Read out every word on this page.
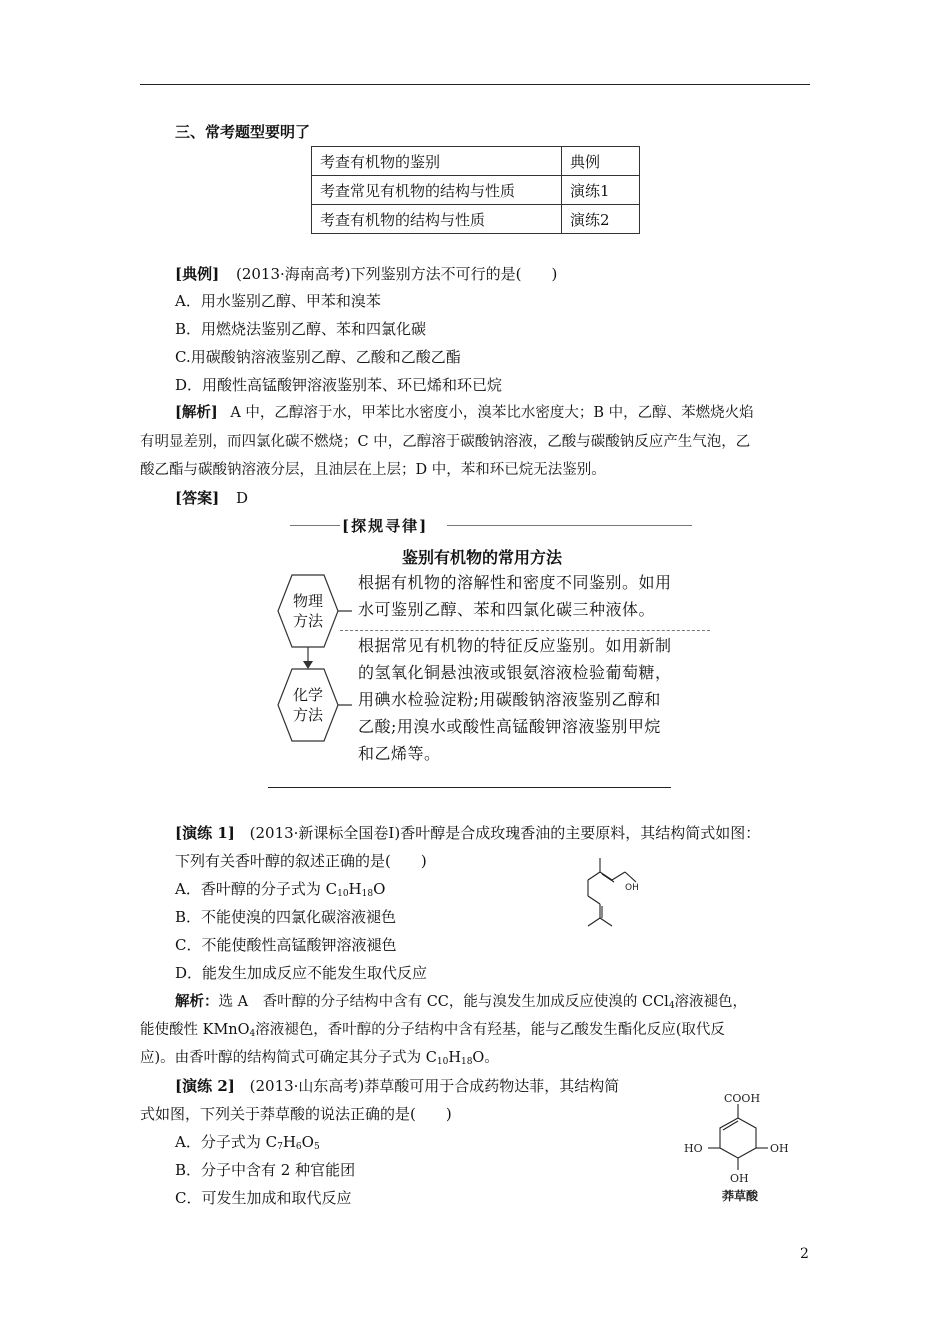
三、常考题型要明了
考查有机物的鉴别	典例
考查常见有机物的结构与性质	演练1
考查有机物的结构与性质	演练2
[典例] (2013·海南高考)下列鉴别方法不可行的是(　　)
A．用水鉴别乙醇、甲苯和溴苯
B．用燃烧法鉴别乙醇、苯和四氯化碳
C.用碳酸钠溶液鉴别乙醇、乙酸和乙酸乙酯
D．用酸性高锰酸钾溶液鉴别苯、环已烯和环已烷
[解析] A 中，乙醇溶于水，甲苯比水密度小，溴苯比水密度大；B 中，乙醇、苯燃烧火焰
有明显差别，而四氯化碳不燃烧；C 中，乙醇溶于碳酸钠溶液，乙酸与碳酸钠反应产生气泡，乙
酸乙酯与碳酸钠溶液分层，且油层在上层；D 中，苯和环已烷无法鉴别。
[答案] D
[探规寻律]
鉴别有机物的常用方法
物理
方法
化学
方法
根据有机物的溶解性和密度不同鉴别。如用
水可鉴别乙醇、苯和四氯化碳三种液体。
根据常见有机物的特征反应鉴别。如用新制
的氢氧化铜悬浊液或银氨溶液检验葡萄糖，
用碘水检验淀粉;用碳酸钠溶液鉴别乙醇和
乙酸;用溴水或酸性高锰酸钾溶液鉴别甲烷
和乙烯等。
[演练 1] (2013·新课标全国卷Ⅰ)香叶醇是合成玫瑰香油的主要原料，其结构简式如图：
下列有关香叶醇的叙述正确的是(　　)
A．香叶醇的分子式为 $C_{10}H_{18}O$
B．不能使溴的四氯化碳溶液褪色
C．不能使酸性高锰酸钾溶液褪色
D．能发生加成反应不能发生取代反应
OH
解析：选 A　香叶醇的分子结构中含有 CC，能与溴发生加成反应使溴的 CCl$_4$溶液褪色，
能使酸性 KMnO$_4$溶液褪色，香叶醇的分子结构中含有羟基，能与乙酸发生酯化反应(取代反
应)。由香叶醇的结构简式可确定其分子式为 $C_{10}H_{18}O$。
[演练 2] (2013·山东高考)莽草酸可用于合成药物达菲，其结构简
式如图，下列关于莽草酸的说法正确的是(　　)
A．分子式为 $C_7H_6O_5$
B．分子中含有 2 种官能团
C．可发生加成和取代反应
COOH
HO	OH
OH
莽草酸
2
